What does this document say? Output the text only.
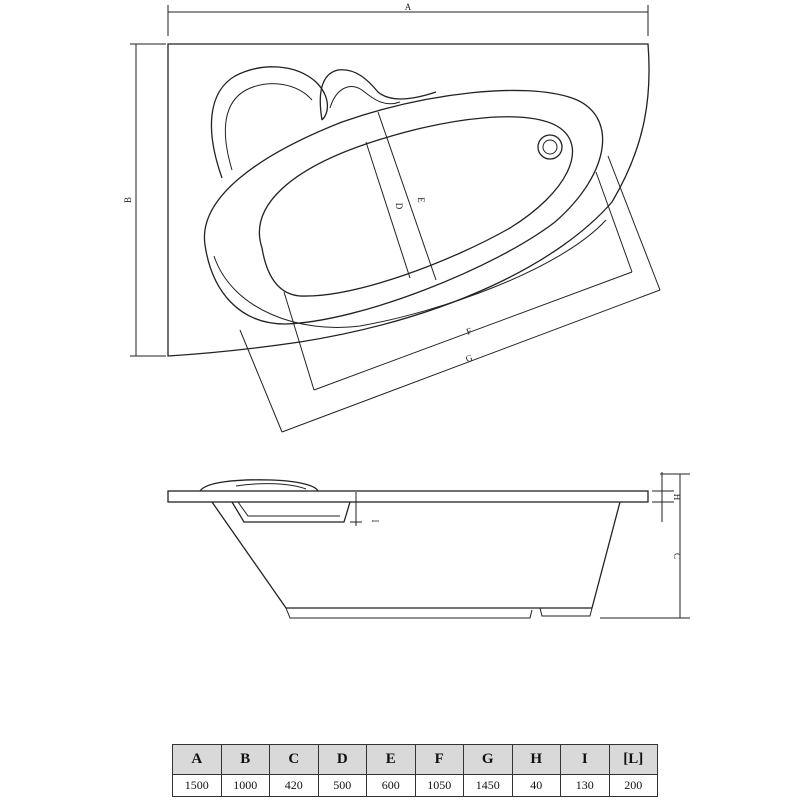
A
B
D
E
F
G
I
H
C
A	B	C	D	E	F	G	H	I	[L]
1500	1000	420	500	600	1050	1450	40	130	200
